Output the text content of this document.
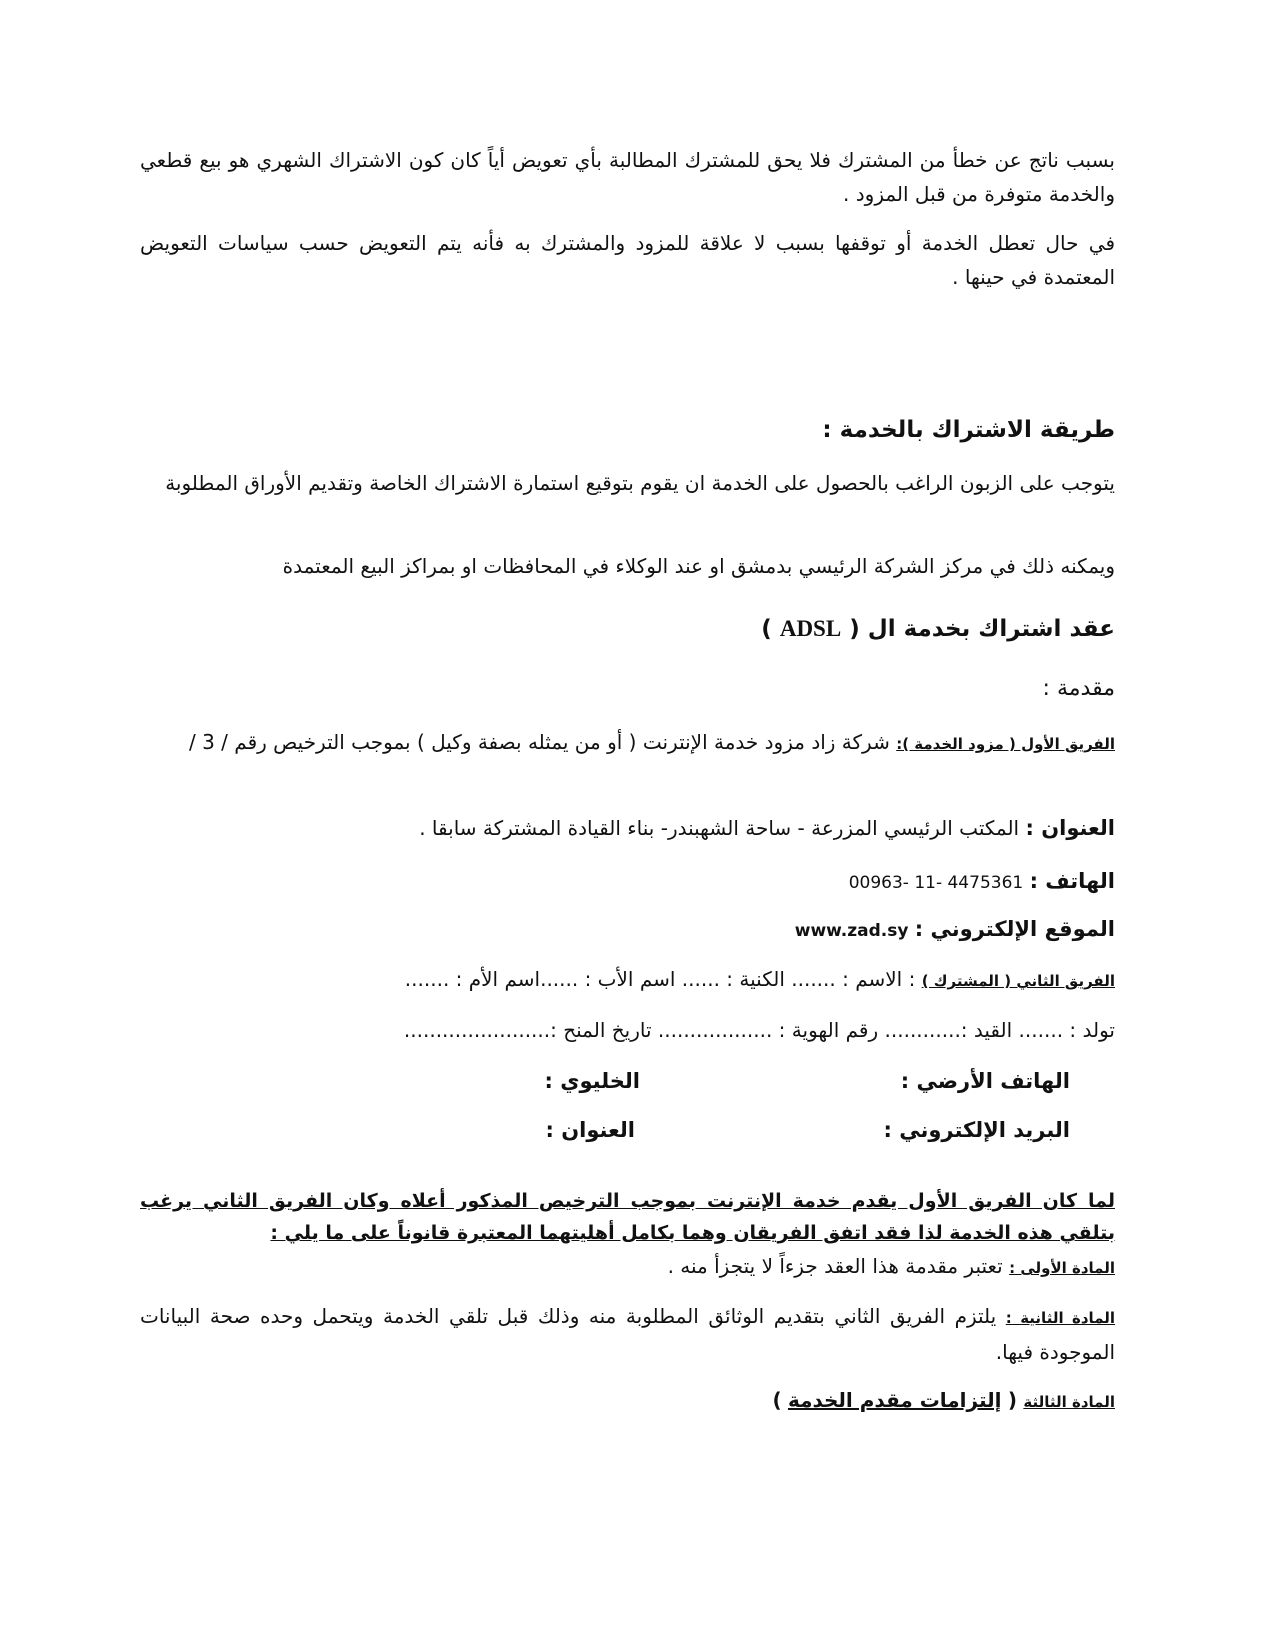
بسبب ناتج عن خطأ من المشترك فلا يحق للمشترك المطالبة بأي تعويض أياً كان كون الاشتراك الشهري هو بيع قطعي والخدمة متوفرة من قبل المزود .

في حال تعطل الخدمة أو توقفها بسبب لا علاقة للمزود والمشترك به فأنه يتم التعويض حسب سياسات التعويض المعتمدة في حينها .

طريقة الاشتراك بالخدمة :

يتوجب على الزبون الراغب بالحصول على الخدمة ان يقوم بتوقيع استمارة الاشتراك الخاصة وتقديم الأوراق المطلوبة

ويمكنه ذلك في مركز الشركة الرئيسي بدمشق او عند الوكلاء في المحافظات او بمراكز البيع المعتمدة

عقد اشتراك بخدمة ال ( ADSL )

مقدمة :

الفريق الأول ( مزود الخدمة ): شركة زاد مزود خدمة الإنترنت ( أو من يمثله بصفة وكيل ) بموجب الترخيص رقم / 3 /

العنوان : المكتب الرئيسي المزرعة - ساحة الشهبندر- بناء القيادة المشتركة سابقا .

الهاتف : 00963- 11- 4475361

الموقع الإلكتروني : www.zad.sy

الفريق الثاني ( المشترك ) : الاسم : ....... الكنية : ...... اسم الأب : ......اسم الأم : .......

تولد : ....... القيد :............ رقم الهوية : .................. تاريخ المنح :.......................

الهاتف الأرضي :
الخليوي :
البريد الإلكتروني :
العنوان :

لما كان الفريق الأول يقدم خدمة الإنترنت بموجب الترخيص المذكور أعلاه وكان الفريق الثاني يرغب بتلقي هذه الخدمة لذا فقد اتفق الفريقان وهما بكامل أهليتهما المعتبرة قانوناً على ما يلي :

المادة الأولى : تعتبر مقدمة هذا العقد جزءاً لا يتجزأ منه .

المادة الثانية : يلتزم الفريق الثاني بتقديم الوثائق المطلوبة منه وذلك قبل تلقي الخدمة ويتحمل وحده صحة البيانات الموجودة فيها.

المادة الثالثة ( إلتزامات مقدم الخدمة )
